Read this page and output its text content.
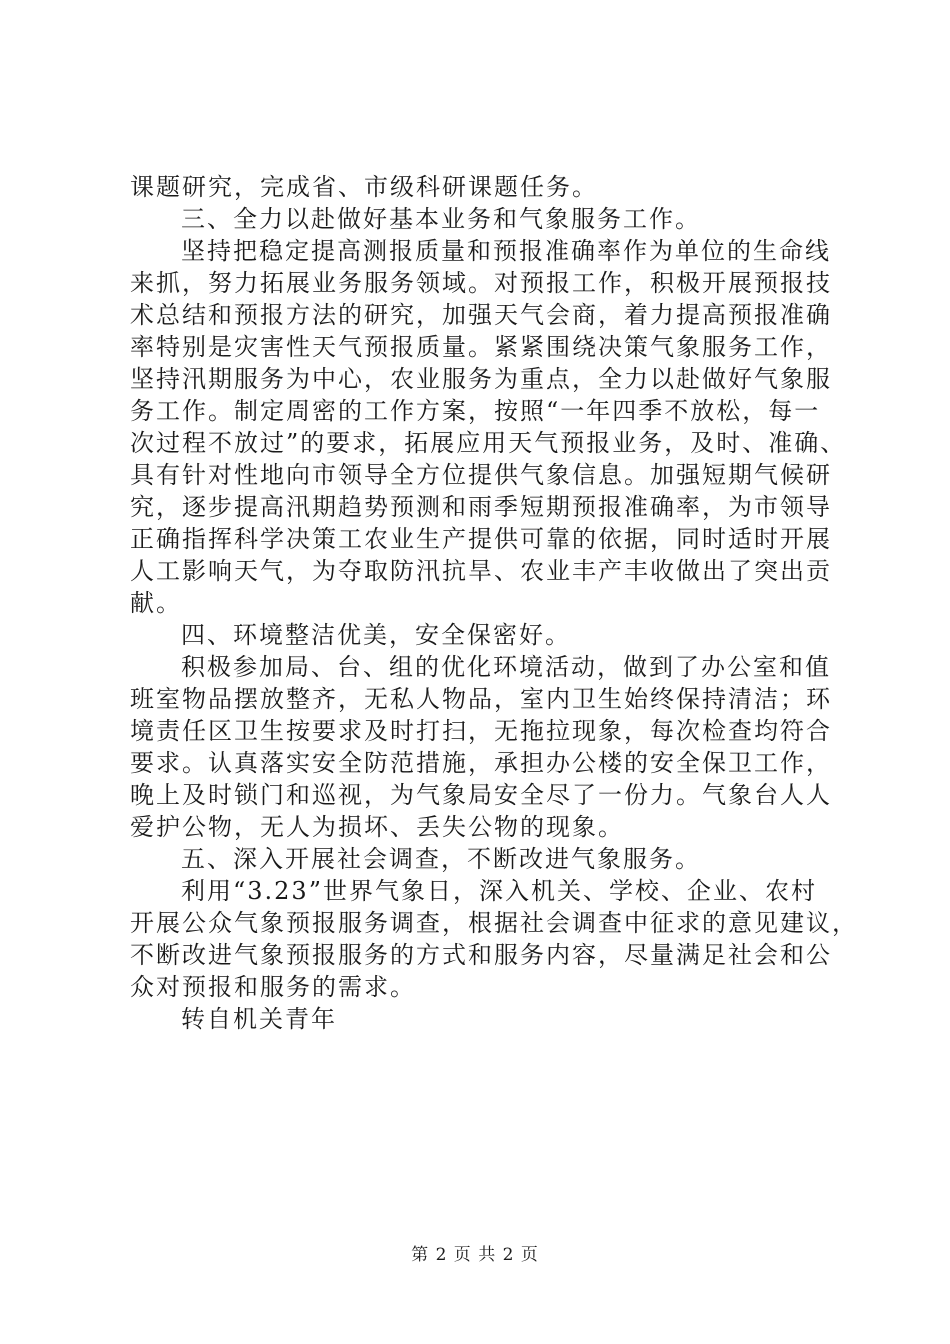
课题研究，完成省、市级科研课题任务。
三、全力以赴做好基本业务和气象服务工作。
坚持把稳定提高测报质量和预报准确率作为单位的生命线
来抓，努力拓展业务服务领域。对预报工作，积极开展预报技
术总结和预报方法的研究，加强天气会商，着力提高预报准确
率特别是灾害性天气预报质量。紧紧围绕决策气象服务工作，
坚持汛期服务为中心，农业服务为重点，全力以赴做好气象服
务工作。制定周密的工作方案，按照“一年四季不放松，每一
次过程不放过”的要求，拓展应用天气预报业务，及时、准确、
具有针对性地向市领导全方位提供气象信息。加强短期气候研
究，逐步提高汛期趋势预测和雨季短期预报准确率，为市领导
正确指挥科学决策工农业生产提供可靠的依据，同时适时开展
人工影响天气，为夺取防汛抗旱、农业丰产丰收做出了突出贡
献。
四、环境整洁优美，安全保密好。
积极参加局、台、组的优化环境活动，做到了办公室和值
班室物品摆放整齐，无私人物品，室内卫生始终保持清洁；环
境责任区卫生按要求及时打扫，无拖拉现象，每次检查均符合
要求。认真落实安全防范措施，承担办公楼的安全保卫工作，
晚上及时锁门和巡视，为气象局安全尽了一份力。气象台人人
爱护公物，无人为损坏、丢失公物的现象。
五、深入开展社会调查，不断改进气象服务。
利用“3.23”世界气象日，深入机关、学校、企业、农村
开展公众气象预报服务调查，根据社会调查中征求的意见建议，
不断改进气象预报服务的方式和服务内容，尽量满足社会和公
众对预报和服务的需求。
转自机关青年
第 2 页 共 2 页
